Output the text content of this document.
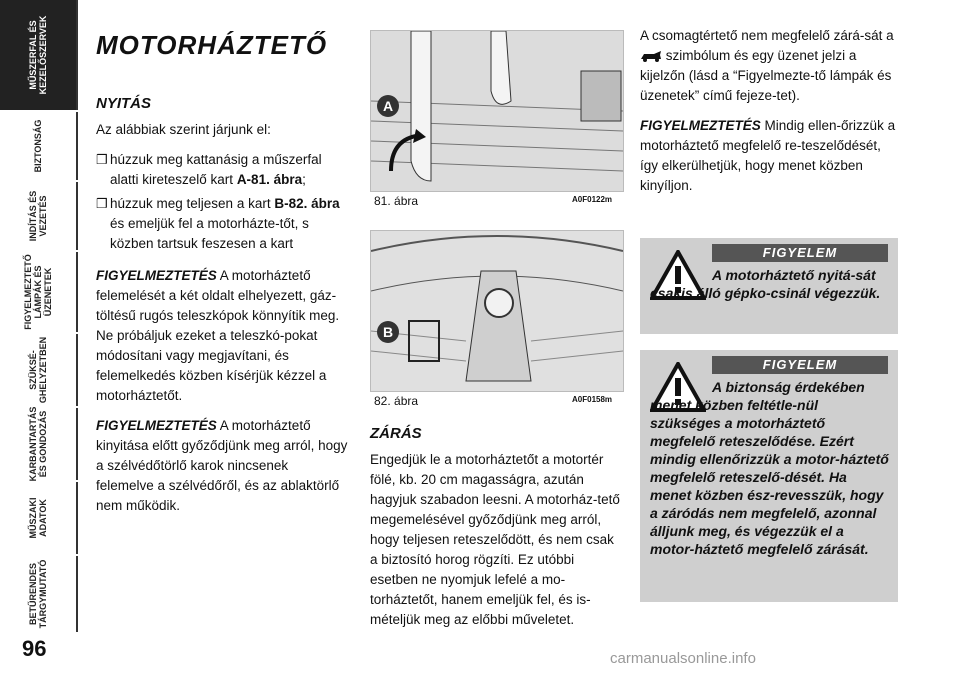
MŰSZERFAL ÉS
KEZELŐSZERVEK
BIZTONSÁG
INDÍTÁS ÉS
VEZETÉS
FIGYELMEZTETŐ
LÁMPÁK ÉS
ÜZENETEK
SZÜKSÉ-
GHELYZETBEN
KARBANTARTÁS
ÉS GONDOZÁS
MŰSZAKI
ADATOK
BETŰRENDES
TÁRGYMUTATÓ
96
MOTORHÁZTETŐ
NYITÁS
Az alábbiak szerint járjunk el:
❒ húzzuk meg kattanásig a műszerfal alatti kireteszelő kart A-81. ábra;
❒ húzzuk meg teljesen a kart B-82. ábra és emeljük fel a motorházte-tőt, s közben tartsuk feszesen a kart
FIGYELMEZTETÉS A motorháztető felemelését a két oldalt elhelyezett, gáz-töltésű rugós teleszkópok könnyítik meg. Ne próbáljuk ezeket a teleszkó-pokat módosítani vagy megjavítani, és felemelkedés közben kísérjük kézzel a motorháztetőt.
FIGYELMEZTETÉS A motorháztető kinyitása előtt győződjünk meg arról, hogy a szélvédőtörlő karok nincsenek felemelve a szélvédőről, és az ablaktörlő nem működik.
A
81. ábra	A0F0122m
B
82. ábra	A0F0158m
ZÁRÁS
Engedjük le a motorháztetőt a motortér fölé, kb. 20 cm magasságra, azután hagyjuk szabadon leesni. A motorház-tető megemelésével győződjünk meg arról, hogy teljesen reteszelődött, és nem csak a biztosító horog rögzíti. Ez utóbbi esetben ne nyomjuk lefelé a mo-torháztetőt, hanem emeljük fel, és is-mételjük meg az előbbi műveletet.
A csomagtértető nem megfelelő zárá-sát a  szimbólum és egy üzenet jelzi a kijelzőn (lásd a “Figyelmezte-tő lámpák és üzenetek” című fejeze-tet).
FIGYELMEZTETÉS Mindig ellen-őrizzük a motorháztető megfelelő re-teszelődését, így elkerülhetjük, hogy menet közben kinyíljon.
FIGYELEM
A motorháztető nyitá-sát csakis álló gépko-csinál végezzük.
FIGYELEM
A biztonság érdekében menet közben feltétle-nül szükséges a motorháztető megfelelő reteszelődése. Ezért mindig ellenőrizzük a motor-háztető megfelelő reteszelő-dését. Ha menet közben ész-revesszük, hogy a záródás nem megfelelő, azonnal álljunk meg, és végezzük el a motor-háztető megfelelő zárását.
carmanualsonline.info
